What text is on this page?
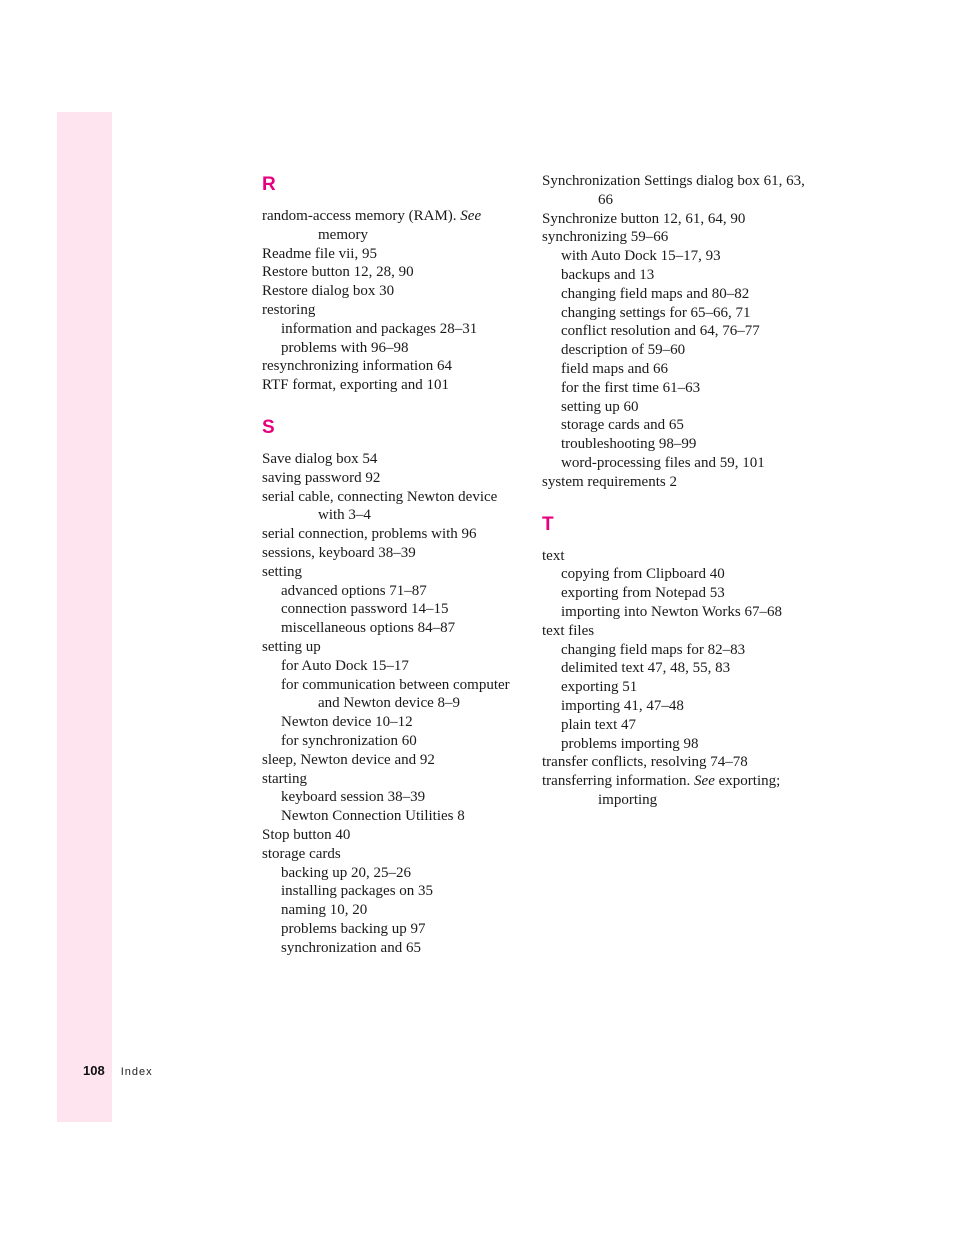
R
random-access memory (RAM). See memory
Readme file vii, 95
Restore button 12, 28, 90
Restore dialog box 30
restoring
information and packages 28–31
problems with 96–98
resynchronizing information 64
RTF format, exporting and 101
S
Save dialog box 54
saving password 92
serial cable, connecting Newton device with 3–4
serial connection, problems with 96
sessions, keyboard 38–39
setting
advanced options 71–87
connection password 14–15
miscellaneous options 84–87
setting up
for Auto Dock 15–17
for communication between computer and Newton device 8–9
Newton device 10–12
for synchronization 60
sleep, Newton device and 92
starting
keyboard session 38–39
Newton Connection Utilities 8
Stop button 40
storage cards
backing up 20, 25–26
installing packages on 35
naming 10, 20
problems backing up 97
synchronization and 65
Synchronization Settings dialog box 61, 63, 66
Synchronize button 12, 61, 64, 90
synchronizing 59–66
with Auto Dock 15–17, 93
backups and 13
changing field maps and 80–82
changing settings for 65–66, 71
conflict resolution and 64, 76–77
description of 59–60
field maps and 66
for the first time 61–63
setting up 60
storage cards and 65
troubleshooting 98–99
word-processing files and 59, 101
system requirements 2
T
text
copying from Clipboard 40
exporting from Notepad 53
importing into Newton Works 67–68
text files
changing field maps for 82–83
delimited text 47, 48, 55, 83
exporting 51
importing 41, 47–48
plain text 47
problems importing 98
transfer conflicts, resolving 74–78
transferring information. See exporting; importing
108 Index
